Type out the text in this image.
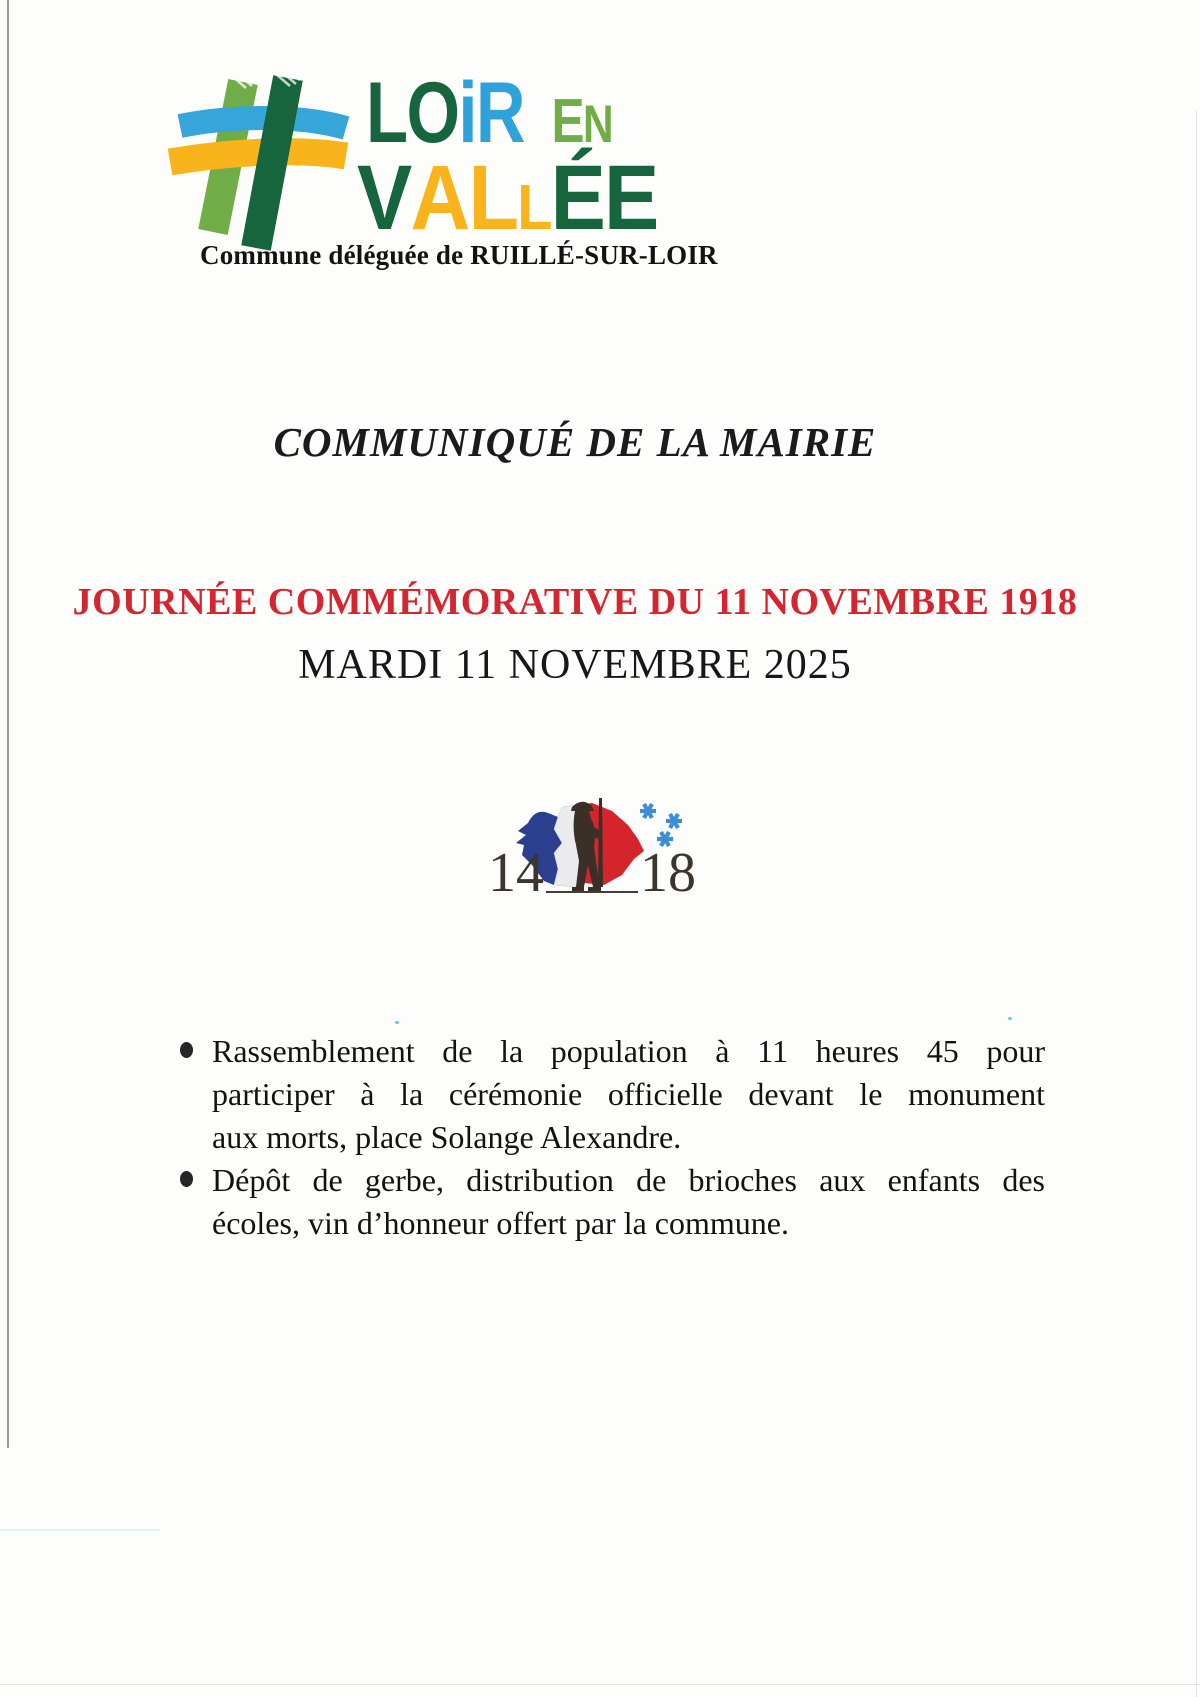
LOiR EN
VALLÉE
Commune déléguée de RUILLÉ-SUR-LOIR
COMMUNIQUÉ DE LA MAIRIE
JOURNÉE COMMÉMORATIVE DU 11 NOVEMBRE 1918
MARDI 11 NOVEMBRE 2025
14 18
Rassemblement de la population à 11 heures 45 pour
participer à la cérémonie officielle devant le monument
aux morts, place Solange Alexandre.
Dépôt de gerbe, distribution de brioches aux enfants des
écoles, vin d’honneur offert par la commune.
